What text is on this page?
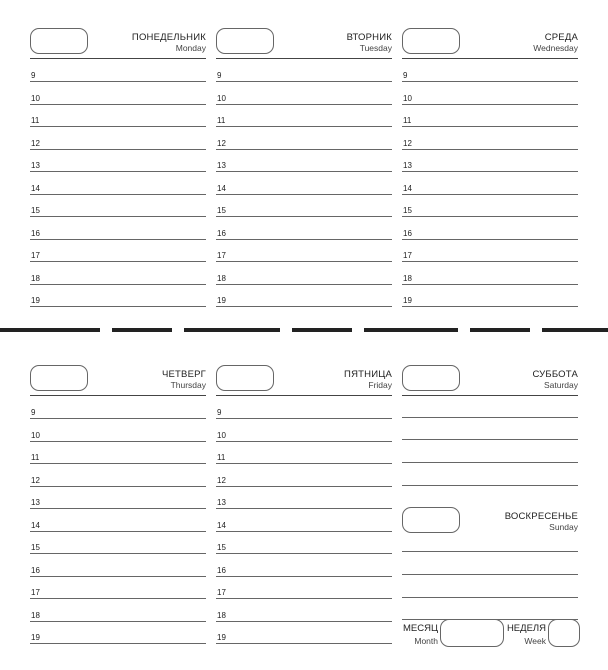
ПОНЕДЕЛЬНИК
Monday
9
10
11
12
13
14
15
16
17
18
19
ВТОРНИК
Tuesday
9
10
11
12
13
14
15
16
17
18
19
СРЕДА
Wednesday
9
10
11
12
13
14
15
16
17
18
19
ЧЕТВЕРГ
Thursday
9
10
11
12
13
14
15
16
17
18
19
ПЯТНИЦА
Friday
9
10
11
12
13
14
15
16
17
18
19
СУББОТА
Saturday
ВОСКРЕСЕНЬЕ
Sunday
МЕСЯЦ
Month
НЕДЕЛЯ
Week
